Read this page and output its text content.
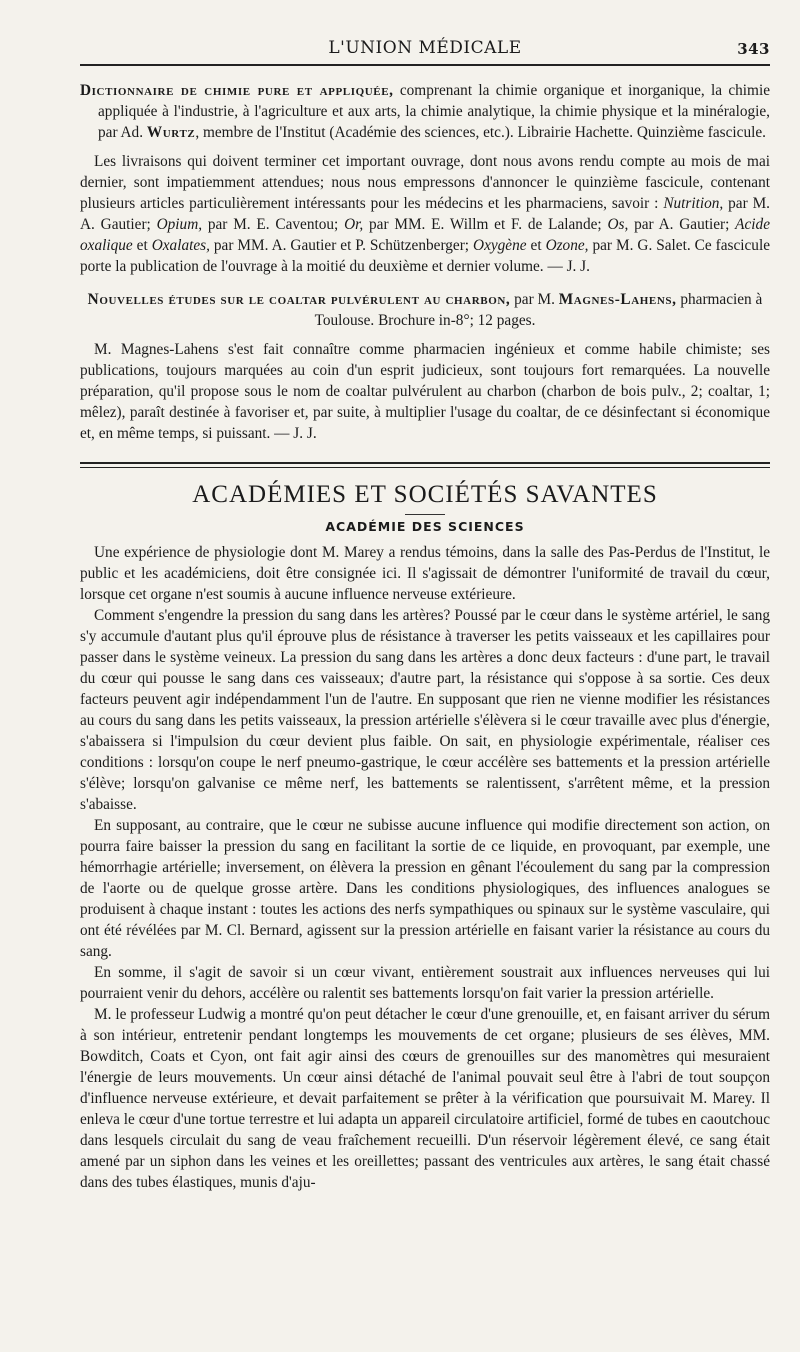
L'UNION MÉDICALE	343

Dictionnaire de chimie pure et appliquée, comprenant la chimie organique et inorganique, la chimie appliquée à l'industrie, à l'agriculture et aux arts, la chimie analytique, la chimie physique et la minéralogie, par Ad. Wurtz, membre de l'Institut (Académie des sciences, etc.). Librairie Hachette. Quinzième fascicule.

Les livraisons qui doivent terminer cet important ouvrage, dont nous avons rendu compte au mois de mai dernier, sont impatiemment attendues; nous nous empressons d'annoncer le quinzième fascicule, contenant plusieurs articles particulièrement intéressants pour les médecins et les pharmaciens, savoir : Nutrition, par M. A. Gautier; Opium, par M. E. Caventou; Or, par MM. E. Willm et F. de Lalande; Os, par A. Gautier; Acide oxalique et Oxalates, par MM. A. Gautier et P. Schützenberger; Oxygène et Ozone, par M. G. Salet. Ce fascicule porte la publication de l'ouvrage à la moitié du deuxième et dernier volume. — J. J.

Nouvelles études sur le coaltar pulvérulent au charbon, par M. Magnes-Lahens, pharmacien à Toulouse. Brochure in-8°; 12 pages.

M. Magnes-Lahens s'est fait connaître comme pharmacien ingénieux et comme habile chimiste; ses publications, toujours marquées au coin d'un esprit judicieux, sont toujours fort remarquées. La nouvelle préparation, qu'il propose sous le nom de coaltar pulvérulent au charbon (charbon de bois pulv., 2; coaltar, 1; mêlez), paraît destinée à favoriser et, par suite, à multiplier l'usage du coaltar, de ce désinfectant si économique et, en même temps, si puissant. — J. J.

ACADÉMIES ET SOCIÉTÉS SAVANTES
ACADÉMIE DES SCIENCES

Une expérience de physiologie dont M. Marey a rendus témoins, dans la salle des Pas-Perdus de l'Institut, le public et les académiciens, doit être consignée ici. Il s'agissait de démontrer l'uniformité de travail du cœur, lorsque cet organe n'est soumis à aucune influence nerveuse extérieure.

Comment s'engendre la pression du sang dans les artères? Poussé par le cœur dans le système artériel, le sang s'y accumule d'autant plus qu'il éprouve plus de résistance à traverser les petits vaisseaux et les capillaires pour passer dans le système veineux. La pression du sang dans les artères a donc deux facteurs : d'une part, le travail du cœur qui pousse le sang dans ces vaisseaux; d'autre part, la résistance qui s'oppose à sa sortie. Ces deux facteurs peuvent agir indépendamment l'un de l'autre. En supposant que rien ne vienne modifier les résistances au cours du sang dans les petits vaisseaux, la pression artérielle s'élèvera si le cœur travaille avec plus d'énergie, s'abaissera si l'impulsion du cœur devient plus faible. On sait, en physiologie expérimentale, réaliser ces conditions : lorsqu'on coupe le nerf pneumo-gastrique, le cœur accélère ses battements et la pression artérielle s'élève; lorsqu'on galvanise ce même nerf, les battements se ralentissent, s'arrêtent même, et la pression s'abaisse.

En supposant, au contraire, que le cœur ne subisse aucune influence qui modifie directement son action, on pourra faire baisser la pression du sang en facilitant la sortie de ce liquide, en provoquant, par exemple, une hémorrhagie artérielle; inversement, on élèvera la pression en gênant l'écoulement du sang par la compression de l'aorte ou de quelque grosse artère. Dans les conditions physiologiques, des influences analogues se produisent à chaque instant : toutes les actions des nerfs sympathiques ou spinaux sur le système vasculaire, qui ont été révélées par M. Cl. Bernard, agissent sur la pression artérielle en faisant varier la résistance au cours du sang.

En somme, il s'agit de savoir si un cœur vivant, entièrement soustrait aux influences nerveuses qui lui pourraient venir du dehors, accélère ou ralentit ses battements lorsqu'on fait varier la pression artérielle.

M. le professeur Ludwig a montré qu'on peut détacher le cœur d'une grenouille, et, en faisant arriver du sérum à son intérieur, entretenir pendant longtemps les mouvements de cet organe; plusieurs de ses élèves, MM. Bowditch, Coats et Cyon, ont fait agir ainsi des cœurs de grenouilles sur des manomètres qui mesuraient l'énergie de leurs mouvements. Un cœur ainsi détaché de l'animal pouvait seul être à l'abri de tout soupçon d'influence nerveuse extérieure, et devait parfaitement se prêter à la vérification que poursuivait M. Marey. Il enleva le cœur d'une tortue terrestre et lui adapta un appareil circulatoire artificiel, formé de tubes en caoutchouc dans lesquels circulait du sang de veau fraîchement recueilli. D'un réservoir légèrement élevé, ce sang était amené par un siphon dans les veines et les oreillettes; passant des ventricules aux artères, le sang était chassé dans des tubes élastiques, munis d'aju-
